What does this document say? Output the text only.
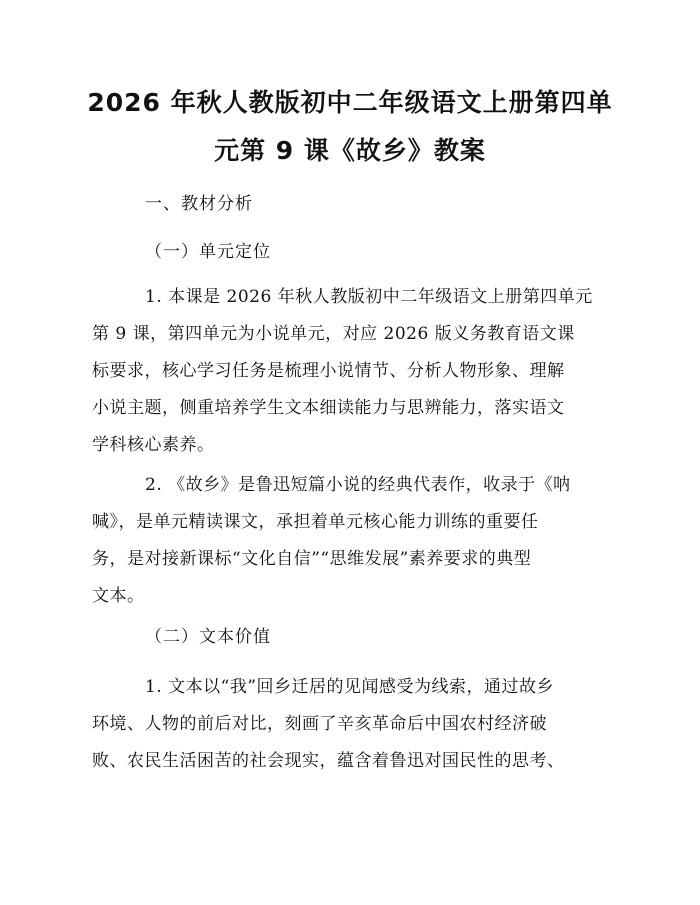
2026 年秋人教版初中二年级语文上册第四单
元第 9 课《故乡》教案
一、教材分析
（一）单元定位
1. 本课是 2026 年秋人教版初中二年级语文上册第四单元
第 9 课，第四单元为小说单元，对应 2026 版义务教育语文课
标要求，核心学习任务是梳理小说情节、分析人物形象、理解
小说主题，侧重培养学生文本细读能力与思辨能力，落实语文
学科核心素养。
2. 《故乡》是鲁迅短篇小说的经典代表作，收录于《呐
喊》，是单元精读课文，承担着单元核心能力训练的重要任
务，是对接新课标“文化自信”“思维发展”素养要求的典型
文本。
（二）文本价值
1. 文本以“我”回乡迁居的见闻感受为线索，通过故乡
环境、人物的前后对比，刻画了辛亥革命后中国农村经济破
败、农民生活困苦的社会现实，蕴含着鲁迅对国民性的思考、
